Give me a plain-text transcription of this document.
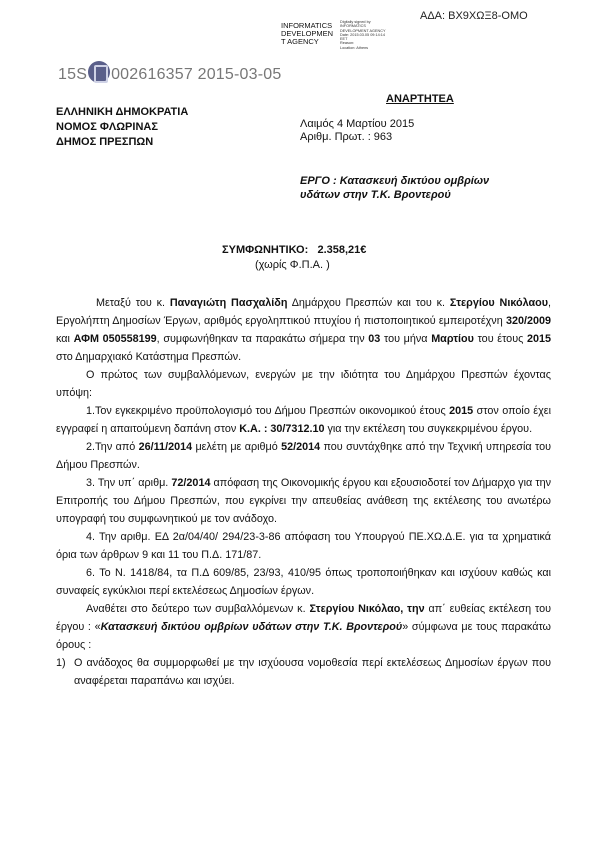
ΑΔΑ: ΒΧ9ΧΩΞ8-ΟΜΟ
INFORMATICS
DEVELOPMEN
T AGENCY
Digitally signed by
INFORMATICS
DEVELOPMENT AGENCY
Date: 2015.03.05 09:14:14
EET
Reason:
Location: Athens
15S 002616357 2015-03-05
ΑΝΑΡΤΗΤΕΑ
ΕΛΛΗΝΙΚΗ ΔΗΜΟΚΡΑΤΙΑ
ΝΟΜΟΣ ΦΛΩΡΙΝΑΣ
ΔΗΜΟΣ ΠΡΕΣΠΩΝ
Λαιμός 4 Μαρτίου 2015
Αριθμ. Πρωτ. : 963
ΕΡΓΟ : Κατασκευή δικτύου ομβρίων
υδάτων στην Τ.Κ. Βροντερού
ΣΥΜΦΩΝΗΤΙΚΟ: 2.358,21€
(χωρίς Φ.Π.Α. )

Μεταξύ του κ. Παναγιώτη Πασχαλίδη Δημάρχου Πρεσπών και του κ. Στεργίου Νικόλαου, Εργολήπτη Δημοσίων Έργων, αριθμός εργοληπτικού πτυχίου ή πιστοποιητικού εμπειροτέχνη 320/2009 και ΑΦΜ 050558199, συμφωνήθηκαν τα παρακάτω σήμερα την 03 του μήνα Μαρτίου του έτους 2015 στο Δημαρχιακό Κατάστημα Πρεσπών.

Ο πρώτος των συμβαλλόμενων, ενεργών με την ιδιότητα του Δημάρχου Πρεσπών έχοντας υπόψη:

1.Τον εγκεκριμένο προϋπολογισμό του Δήμου Πρεσπών οικονομικού έτους 2015 στον οποίο έχει εγγραφεί η απαιτούμενη δαπάνη στον Κ.Α. : 30/7312.10 για την εκτέλεση του συγκεκριμένου έργου.

2.Την από 26/11/2014 μελέτη με αριθμό 52/2014 που συντάχθηκε από την Τεχνική υπηρεσία του Δήμου Πρεσπών.

3. Την υπ΄ αριθμ. 72/2014 απόφαση της Οικονομικής έργου και εξουσιοδοτεί τον Δήμαρχο για την Επιτροπής του Δήμου Πρεσπών, που εγκρίνει την απευθείας ανάθεση της εκτέλεσης του ανωτέρω υπογραφή του συμφωνητικού με τον ανάδοχο.

4. Την αριθμ. ΕΔ 2α/04/40/ 294/23-3-86 απόφαση του Υπουργού ΠΕ.ΧΩ.Δ.Ε. για τα χρηματικά όρια των άρθρων 9 και 11 του Π.Δ. 171/87.

6. Το Ν. 1418/84, τα Π.Δ 609/85, 23/93, 410/95 όπως τροποποιήθηκαν και ισχύουν καθώς και συναφείς εγκύκλιοι περί εκτελέσεως Δημοσίων έργων.

Αναθέτει στο δεύτερο των συμβαλλόμενων κ. Στεργίου Νικόλαο, την απ΄ ευθείας εκτέλεση του έργου : «Κατασκευή δικτύου ομβρίων υδάτων στην Τ.Κ. Βροντερού» σύμφωνα με τους παρακάτω όρους :

1) Ο ανάδοχος θα συμμορφωθεί με την ισχύουσα νομοθεσία περί εκτελέσεως Δημοσίων έργων που αναφέρεται παραπάνω και ισχύει.
